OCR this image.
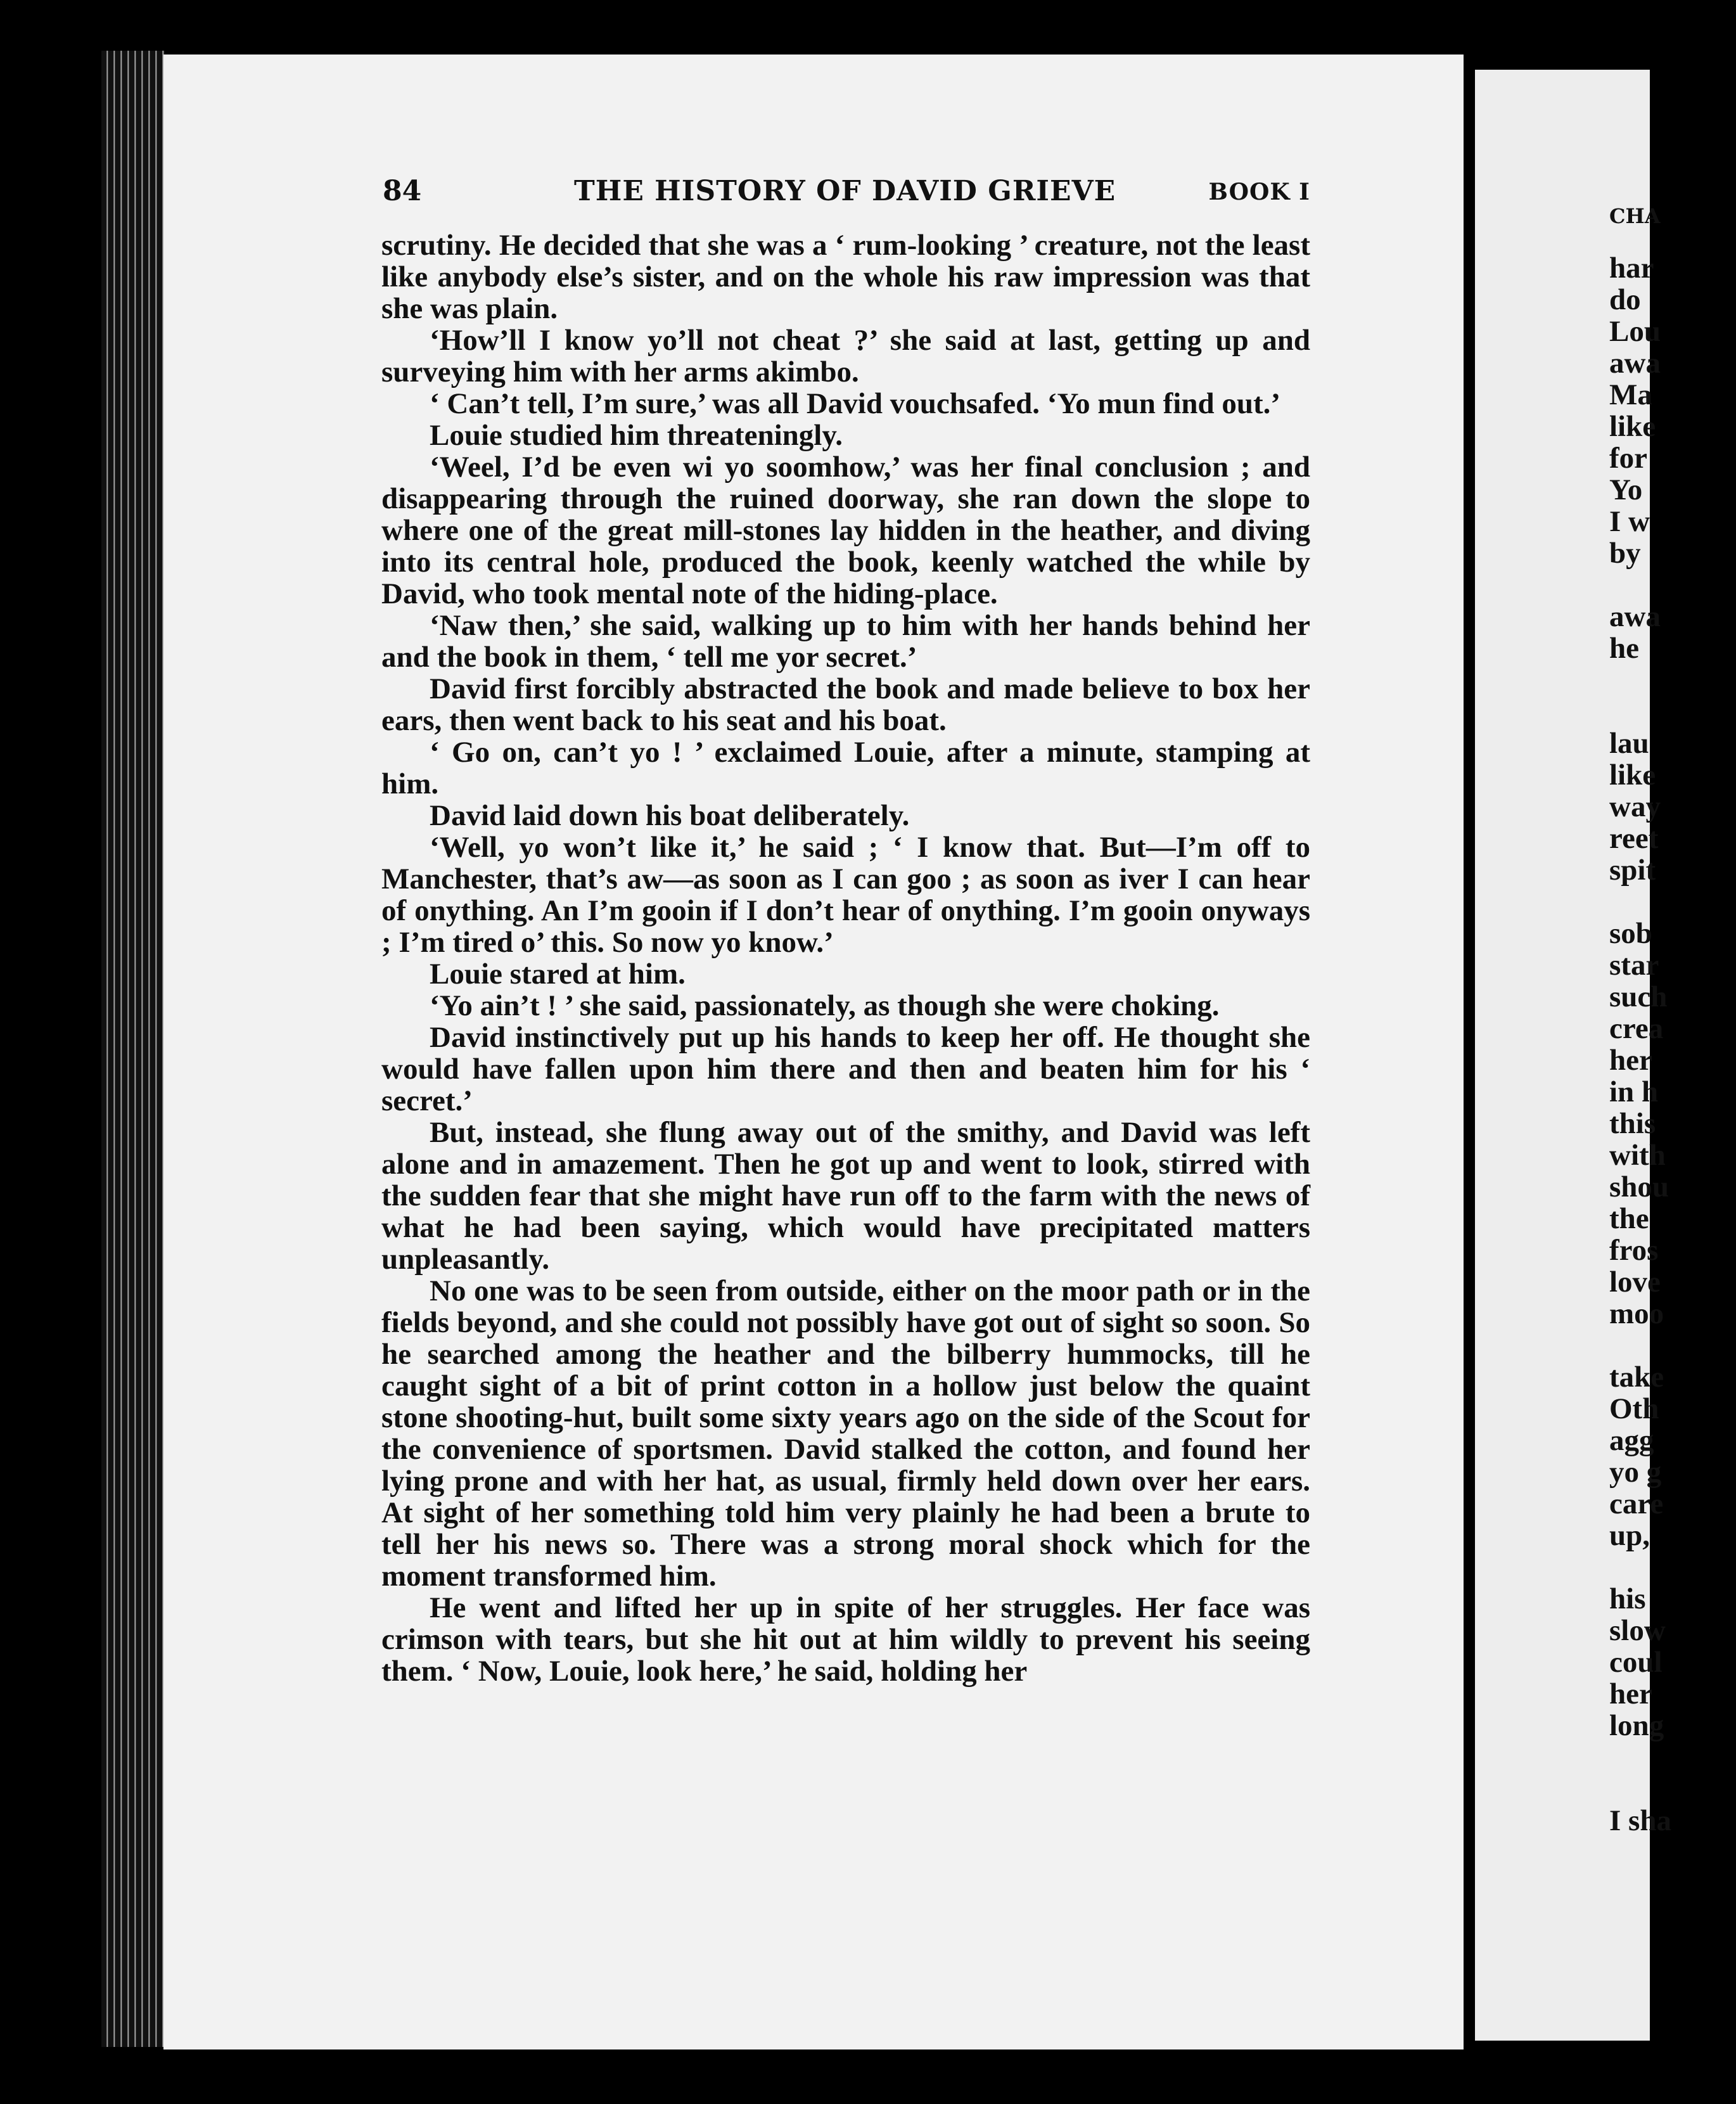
84	THE HISTORY OF DAVID GRIEVE	BOOK I

scrutiny. He decided that she was a ‘ rum-looking ’ creature, not the least like anybody else’s sister, and on the whole his raw impression was that she was plain.

‘How’ll I know yo’ll not cheat ?’ she said at last, getting up and surveying him with her arms akimbo.

‘ Can’t tell, I’m sure,’ was all David vouchsafed. ‘Yo mun find out.’

Louie studied him threateningly.

‘Weel, I’d be even wi yo soomhow,’ was her final conclusion ; and disappearing through the ruined doorway, she ran down the slope to where one of the great mill-stones lay hidden in the heather, and diving into its central hole, produced the book, keenly watched the while by David, who took mental note of the hiding-place.

‘Naw then,’ she said, walking up to him with her hands behind her and the book in them, ‘ tell me yor secret.’

David first forcibly abstracted the book and made believe to box her ears, then went back to his seat and his boat.

‘ Go on, can’t yo ! ’ exclaimed Louie, after a minute, stamping at him.

David laid down his boat deliberately.

‘Well, yo won’t like it,’ he said ; ‘ I know that. But—I’m off to Manchester, that’s aw—as soon as I can goo ; as soon as iver I can hear of onything. An I’m gooin if I don’t hear of onything. I’m gooin onyways ; I’m tired o’ this. So now yo know.’

Louie stared at him.

‘Yo ain’t ! ’ she said, passionately, as though she were choking.

David instinctively put up his hands to keep her off. He thought she would have fallen upon him there and then and beaten him for his ‘ secret.’

But, instead, she flung away out of the smithy, and David was left alone and in amazement. Then he got up and went to look, stirred with the sudden fear that she might have run off to the farm with the news of what he had been saying, which would have precipitated matters unpleasantly.

No one was to be seen from outside, either on the moor path or in the fields beyond, and she could not possibly have got out of sight so soon. So he searched among the heather and the bilberry hummocks, till he caught sight of a bit of print cotton in a hollow just below the quaint stone shooting-hut, built some sixty years ago on the side of the Scout for the convenience of sportsmen. David stalked the cotton, and found her lying prone and with her hat, as usual, firmly held down over her ears. At sight of her something told him very plainly he had been a brute to tell her his news so. There was a strong moral shock which for the moment transformed him.

He went and lifted her up in spite of her struggles. Her face was crimson with tears, but she hit out at him wildly to prevent his seeing them. ‘ Now, Louie, look here,’ he said, holding her

CHA
har
do
Lou
awa
Ma
like
for
Yo
I w
by
awa
he
lau
like
way
reet
spit
sob
star
such
crea
her
in h
this
with
shou
the
fros
love
moo
take
Oth
agg
yo g
care
up,
his
slow
coul
her
long
I sha
